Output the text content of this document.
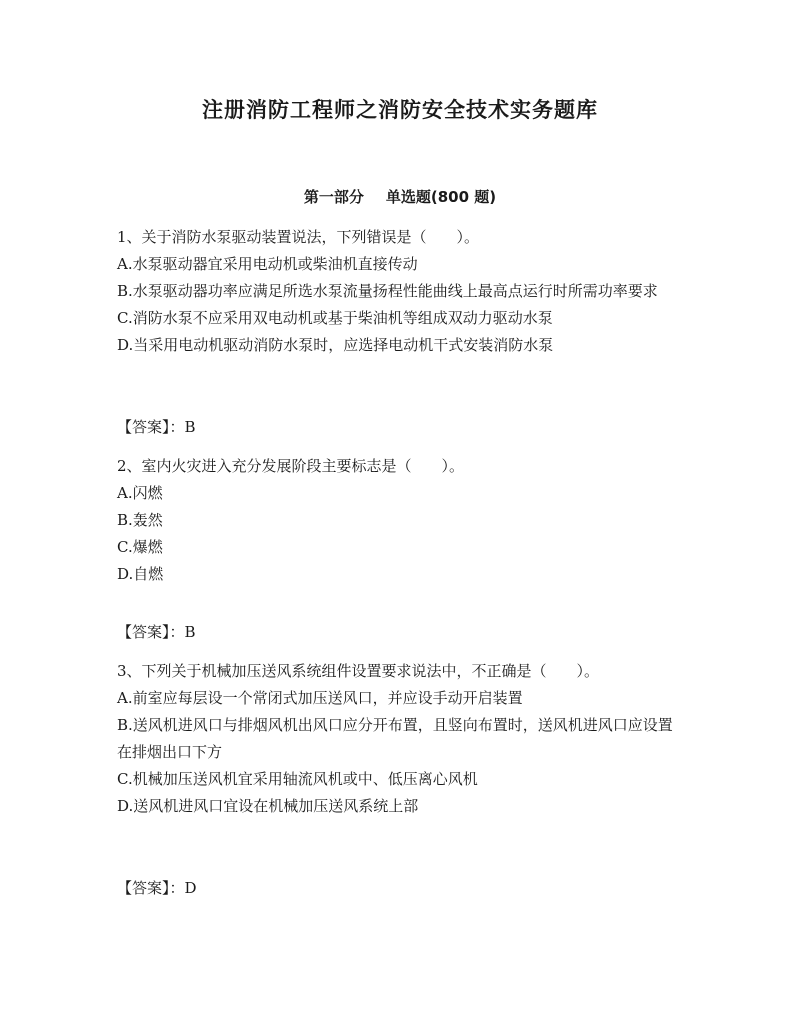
注册消防工程师之消防安全技术实务题库
第一部分 单选题(800 题)
1、关于消防水泵驱动装置说法，下列错误是（　　）。
A.水泵驱动器宜采用电动机或柴油机直接传动
B.水泵驱动器功率应满足所选水泵流量扬程性能曲线上最高点运行时所需功率要求
C.消防水泵不应采用双电动机或基于柴油机等组成双动力驱动水泵
D.当采用电动机驱动消防水泵时，应选择电动机干式安装消防水泵
【答案】：B
2、室内火灾进入充分发展阶段主要标志是（　　）。
A.闪燃
B.轰然
C.爆燃
D.自燃
【答案】：B
3、下列关于机械加压送风系统组件设置要求说法中，不正确是（　　）。
A.前室应每层设一个常闭式加压送风口，并应设手动开启装置
B.送风机进风口与排烟风机出风口应分开布置，且竖向布置时，送风机进风口应设置在排烟出口下方
C.机械加压送风机宜采用轴流风机或中、低压离心风机
D.送风机进风口宜设在机械加压送风系统上部
【答案】：D
